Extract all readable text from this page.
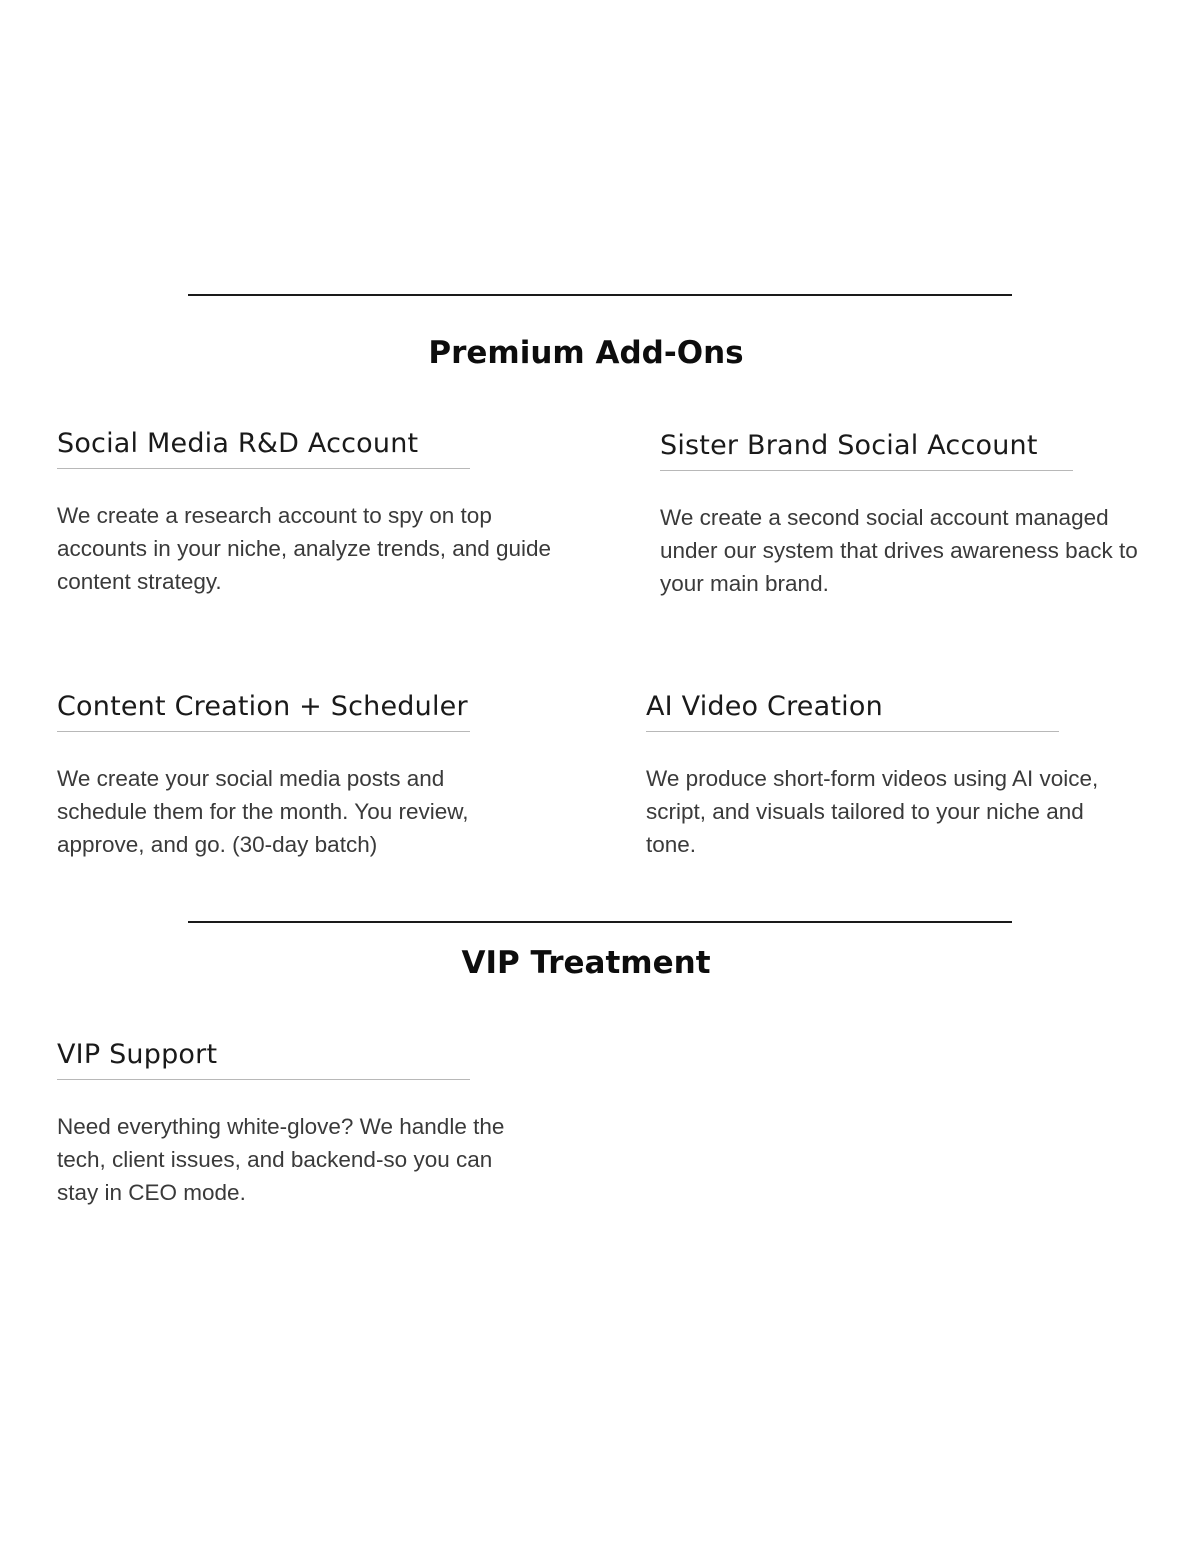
Premium Add-Ons
Social Media R&D Account

We create a research account to spy on top accounts in your niche, analyze trends, and guide content strategy.

Sister Brand Social Account

We create a second social account managed under our system that drives awareness back to your main brand.

Content Creation + Scheduler

We create your social media posts and schedule them for the month. You review, approve, and go. (30-day batch)

AI Video Creation

We produce short-form videos using AI voice, script, and visuals tailored to your niche and tone.

VIP Treatment
VIP Support

Need everything white-glove? We handle the tech, client issues, and backend-so you can stay in CEO mode.
